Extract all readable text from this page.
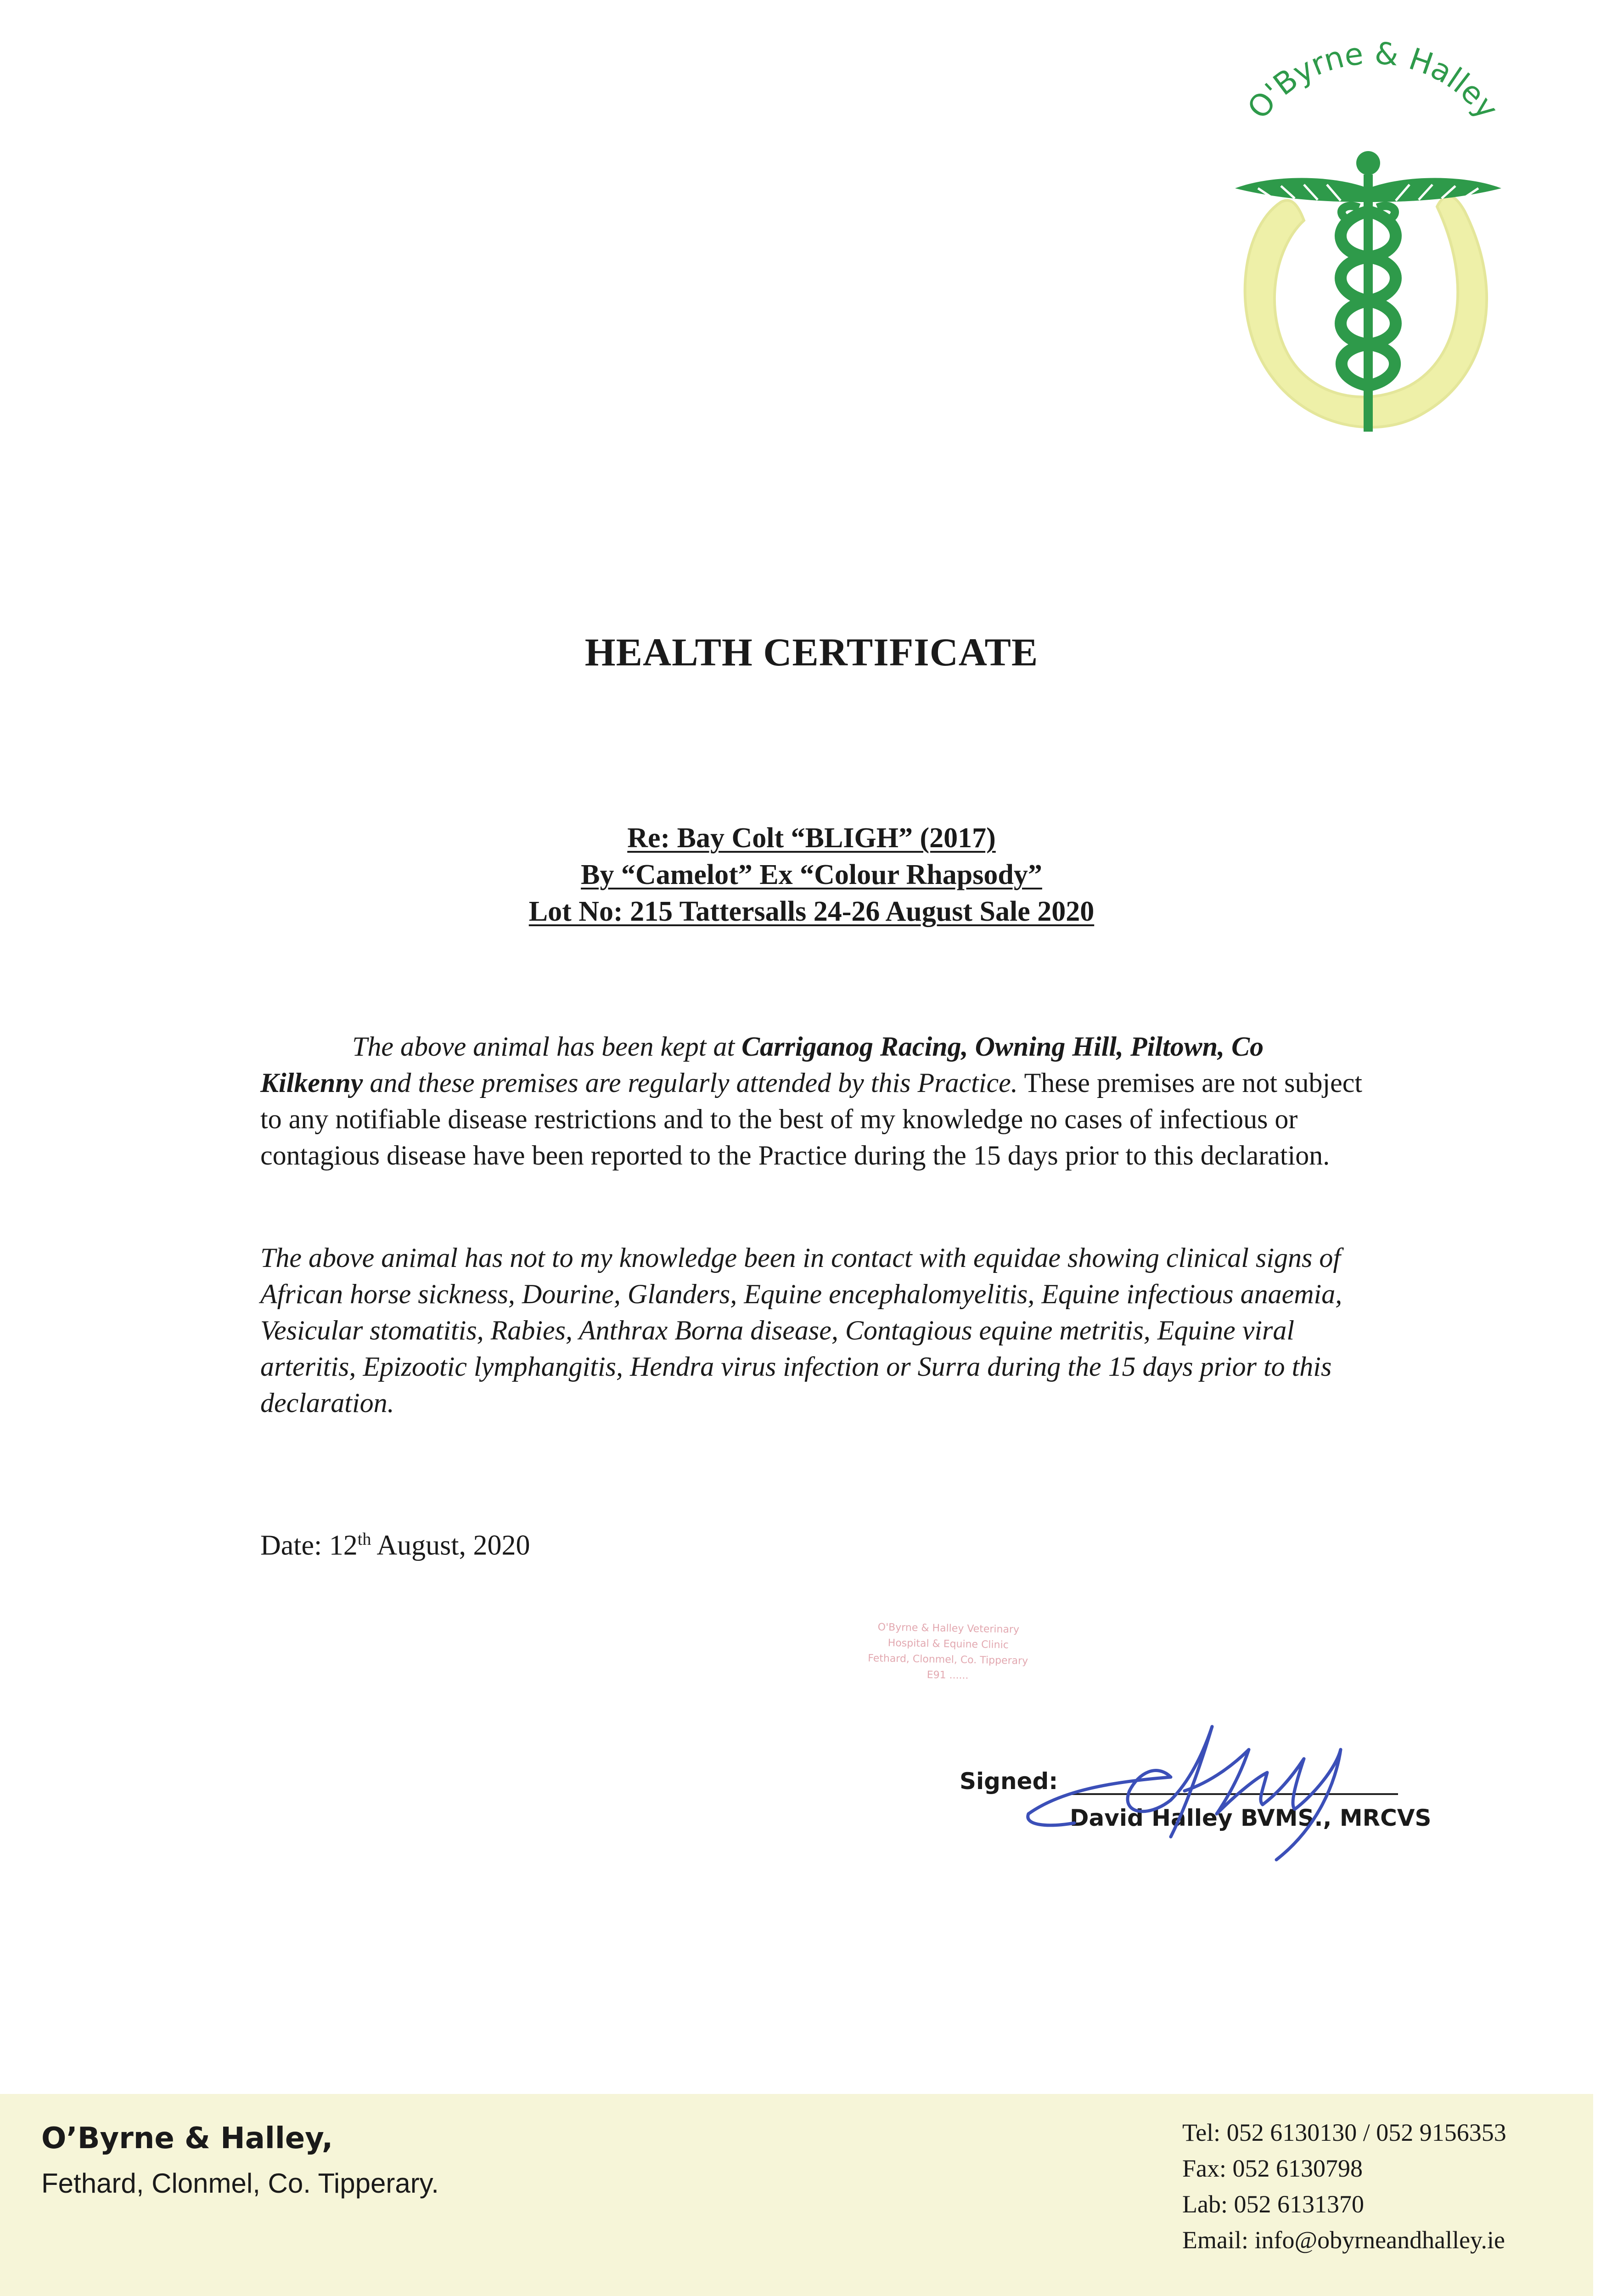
O'Byrne & Halley
HEALTH CERTIFICATE
Re: Bay Colt “BLIGH” (2017)
By “Camelot” Ex “Colour Rhapsody”
Lot No: 215 Tattersalls 24-26 August Sale 2020
The above animal has been kept at Carriganog Racing, Owning Hill, Piltown, Co Kilkenny and these premises are regularly attended by this Practice. These premises are not subject to any notifiable disease restrictions and to the best of my knowledge no cases of infectious or contagious disease have been reported to the Practice during the 15 days prior to this declaration.
The above animal has not to my knowledge been in contact with equidae showing clinical signs of African horse sickness, Dourine, Glanders, Equine encephalomyelitis, Equine infectious anaemia, Vesicular stomatitis, Rabies, Anthrax Borna disease, Contagious equine metritis, Equine viral arteritis, Epizootic lymphangitis, Hendra virus infection or Surra during the 15 days prior to this declaration.
Date: 12th August, 2020
O'Byrne & Halley Veterinary
Hospital & Equine Clinic
Fethard, Clonmel, Co. Tipperary
E91 ......
Signed:
David Halley BVMS., MRCVS
O’Byrne & Halley,
Fethard, Clonmel, Co. Tipperary.
Tel: 052 6130130 / 052 9156353
Fax: 052 6130798
Lab: 052 6131370
Email: info@obyrneandhalley.ie
